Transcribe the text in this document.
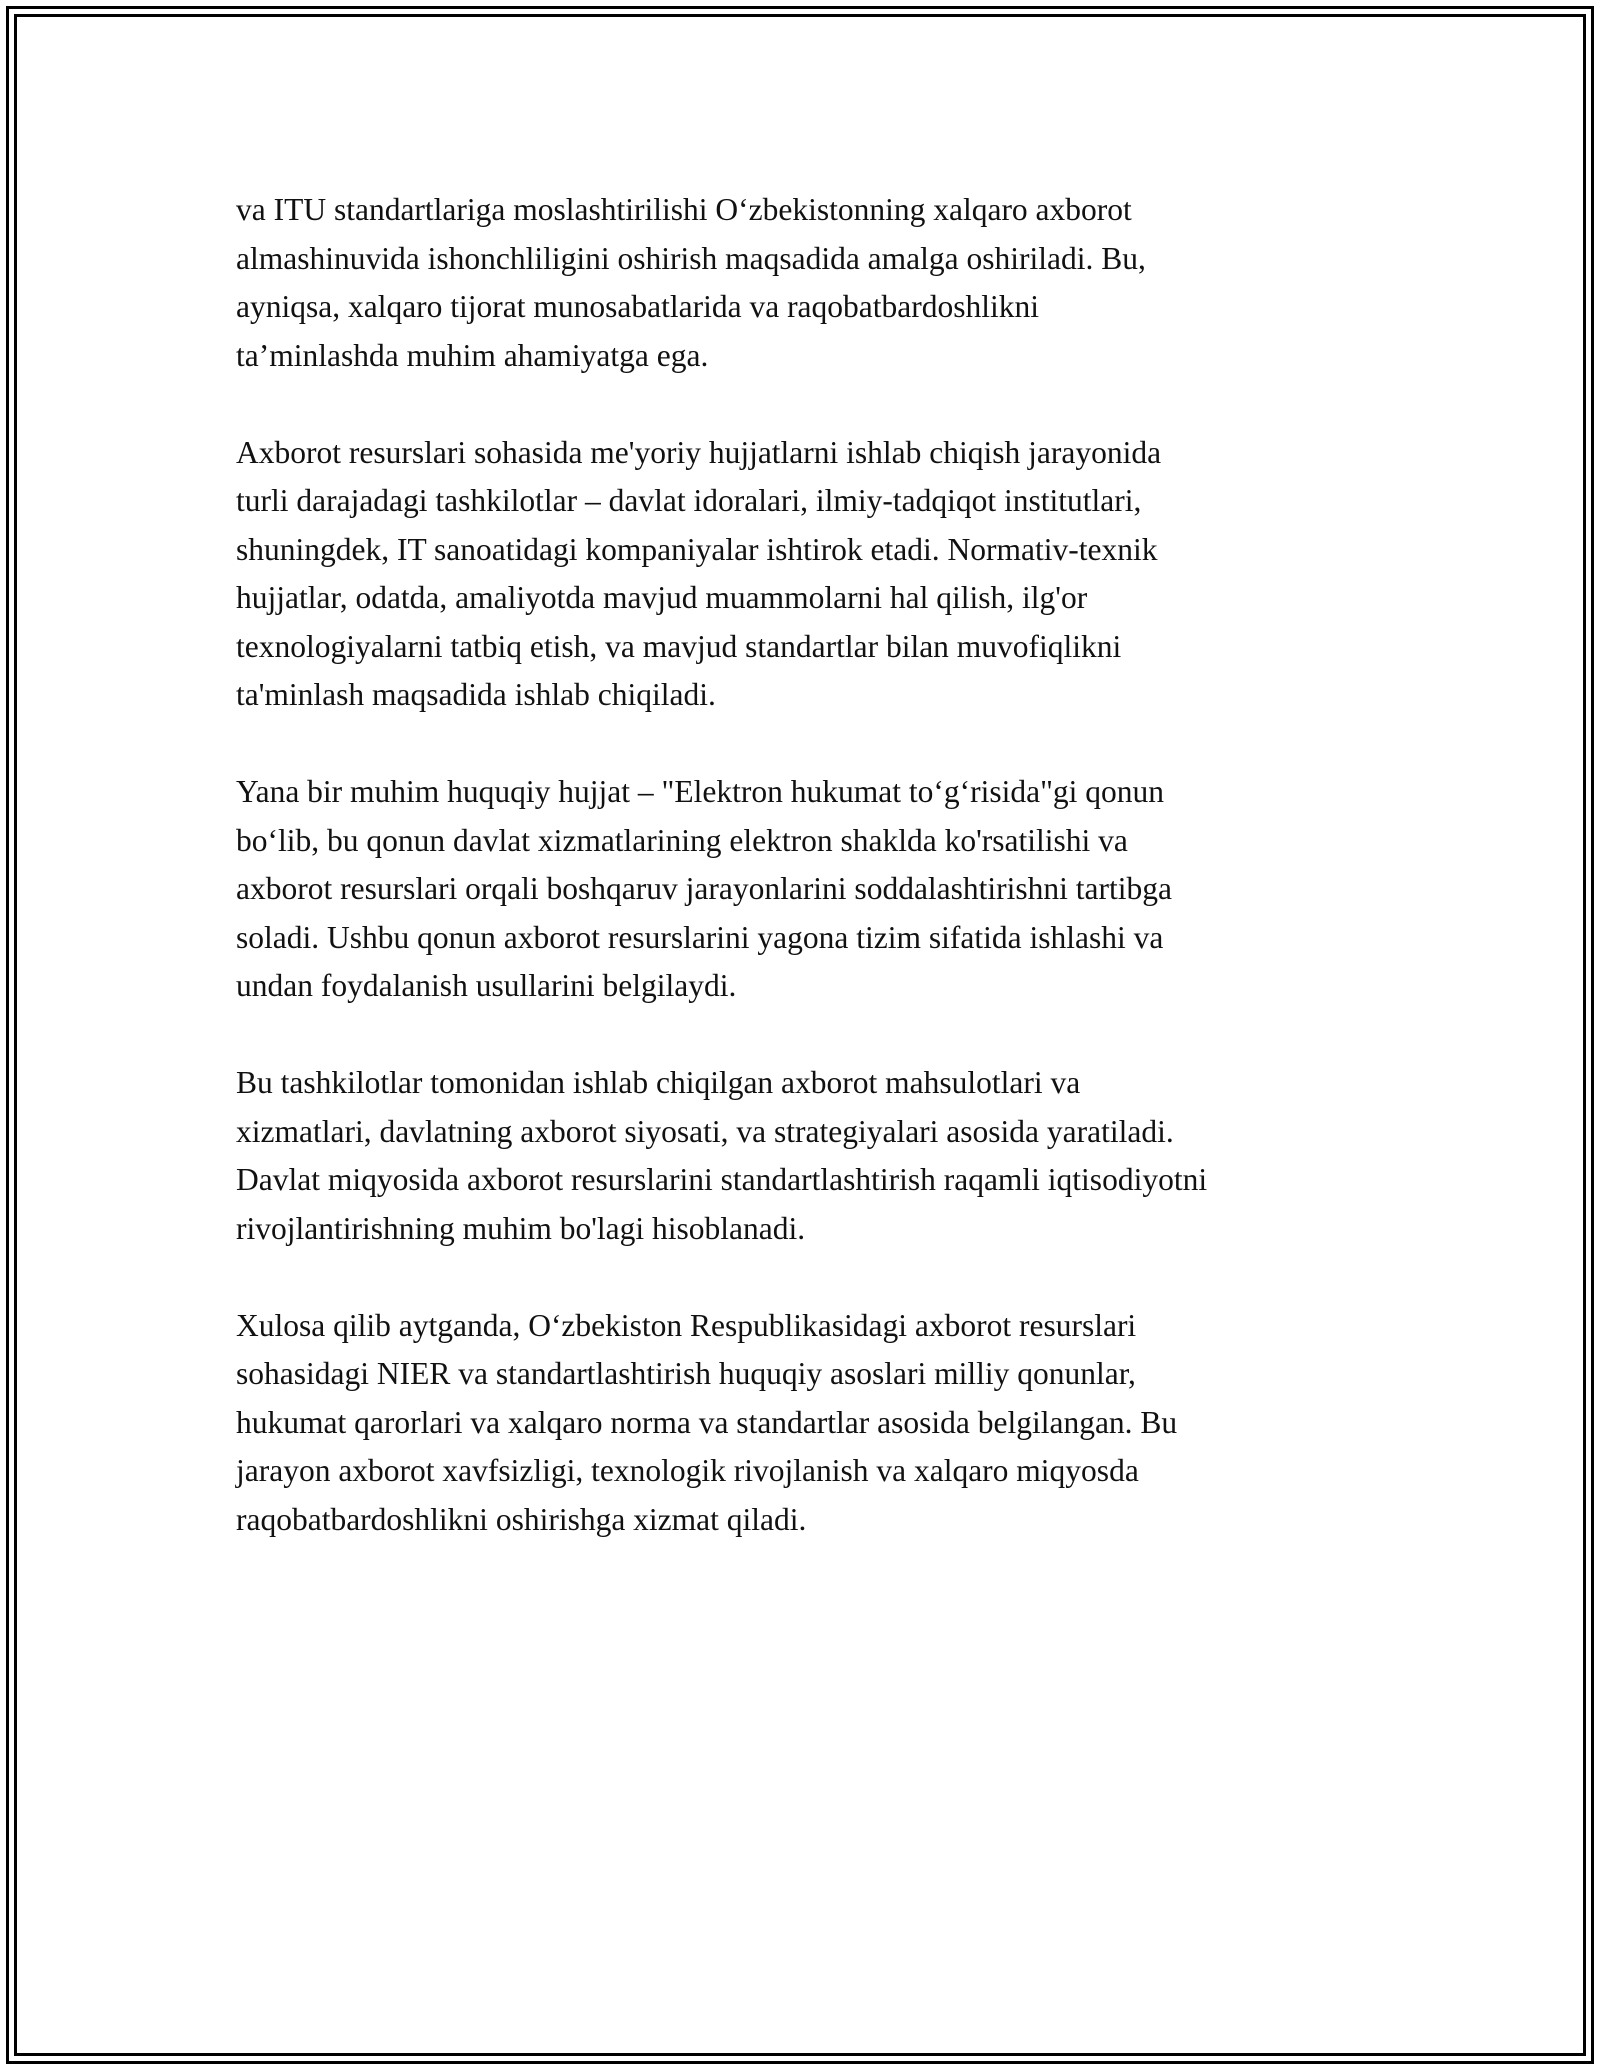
va ITU standartlariga moslashtirilishi O‘zbekistonning xalqaro axborot
almashinuvida ishonchliligini oshirish maqsadida amalga oshiriladi. Bu,
ayniqsa, xalqaro tijorat munosabatlarida va raqobatbardoshlikni
ta’minlashda muhim ahamiyatga ega.

Axborot resurslari sohasida me'yoriy hujjatlarni ishlab chiqish jarayonida
turli darajadagi tashkilotlar – davlat idoralari, ilmiy-tadqiqot institutlari,
shuningdek, IT sanoatidagi kompaniyalar ishtirok etadi. Normativ-texnik
hujjatlar, odatda, amaliyotda mavjud muammolarni hal qilish, ilg'or
texnologiyalarni tatbiq etish, va mavjud standartlar bilan muvofiqlikni
ta'minlash maqsadida ishlab chiqiladi.

Yana bir muhim huquqiy hujjat – "Elektron hukumat to‘g‘risida"gi qonun
bo‘lib, bu qonun davlat xizmatlarining elektron shaklda ko'rsatilishi va
axborot resurslari orqali boshqaruv jarayonlarini soddalashtirishni tartibga
soladi. Ushbu qonun axborot resurslarini yagona tizim sifatida ishlashi va
undan foydalanish usullarini belgilaydi.

Bu tashkilotlar tomonidan ishlab chiqilgan axborot mahsulotlari va
xizmatlari, davlatning axborot siyosati, va strategiyalari asosida yaratiladi.
Davlat miqyosida axborot resurslarini standartlashtirish raqamli iqtisodiyotni
rivojlantirishning muhim bo'lagi hisoblanadi.

Xulosa qilib aytganda, O‘zbekiston Respublikasidagi axborot resurslari
sohasidagi NIER va standartlashtirish huquqiy asoslari milliy qonunlar,
hukumat qarorlari va xalqaro norma va standartlar asosida belgilangan. Bu
jarayon axborot xavfsizligi, texnologik rivojlanish va xalqaro miqyosda
raqobatbardoshlikni oshirishga xizmat qiladi.
